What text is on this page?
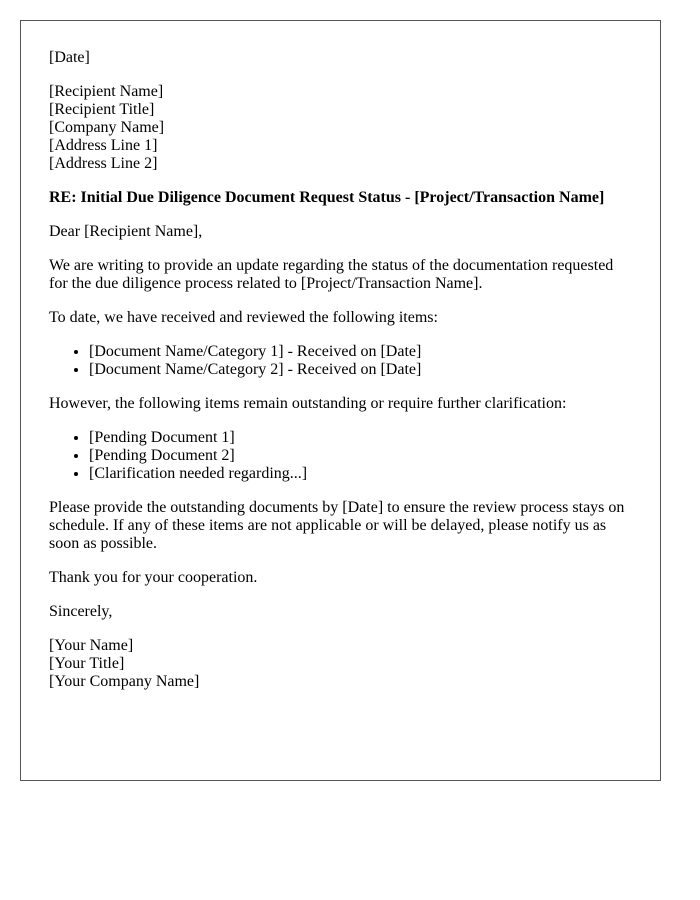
[Date]
[Recipient Name]
[Recipient Title]
[Company Name]
[Address Line 1]
[Address Line 2]
RE: Initial Due Diligence Document Request Status - [Project/Transaction Name]

Dear [Recipient Name],

We are writing to provide an update regarding the status of the documentation requested for the due diligence process related to [Project/Transaction Name].

To date, we have received and reviewed the following items:

• [Document Name/Category 1] - Received on [Date]
• [Document Name/Category 2] - Received on [Date]

However, the following items remain outstanding or require further clarification:

• [Pending Document 1]
• [Pending Document 2]
• [Clarification needed regarding...]

Please provide the outstanding documents by [Date] to ensure the review process stays on schedule. If any of these items are not applicable or will be delayed, please notify us as soon as possible.

Thank you for your cooperation.

Sincerely,

[Your Name]
[Your Title]
[Your Company Name]
